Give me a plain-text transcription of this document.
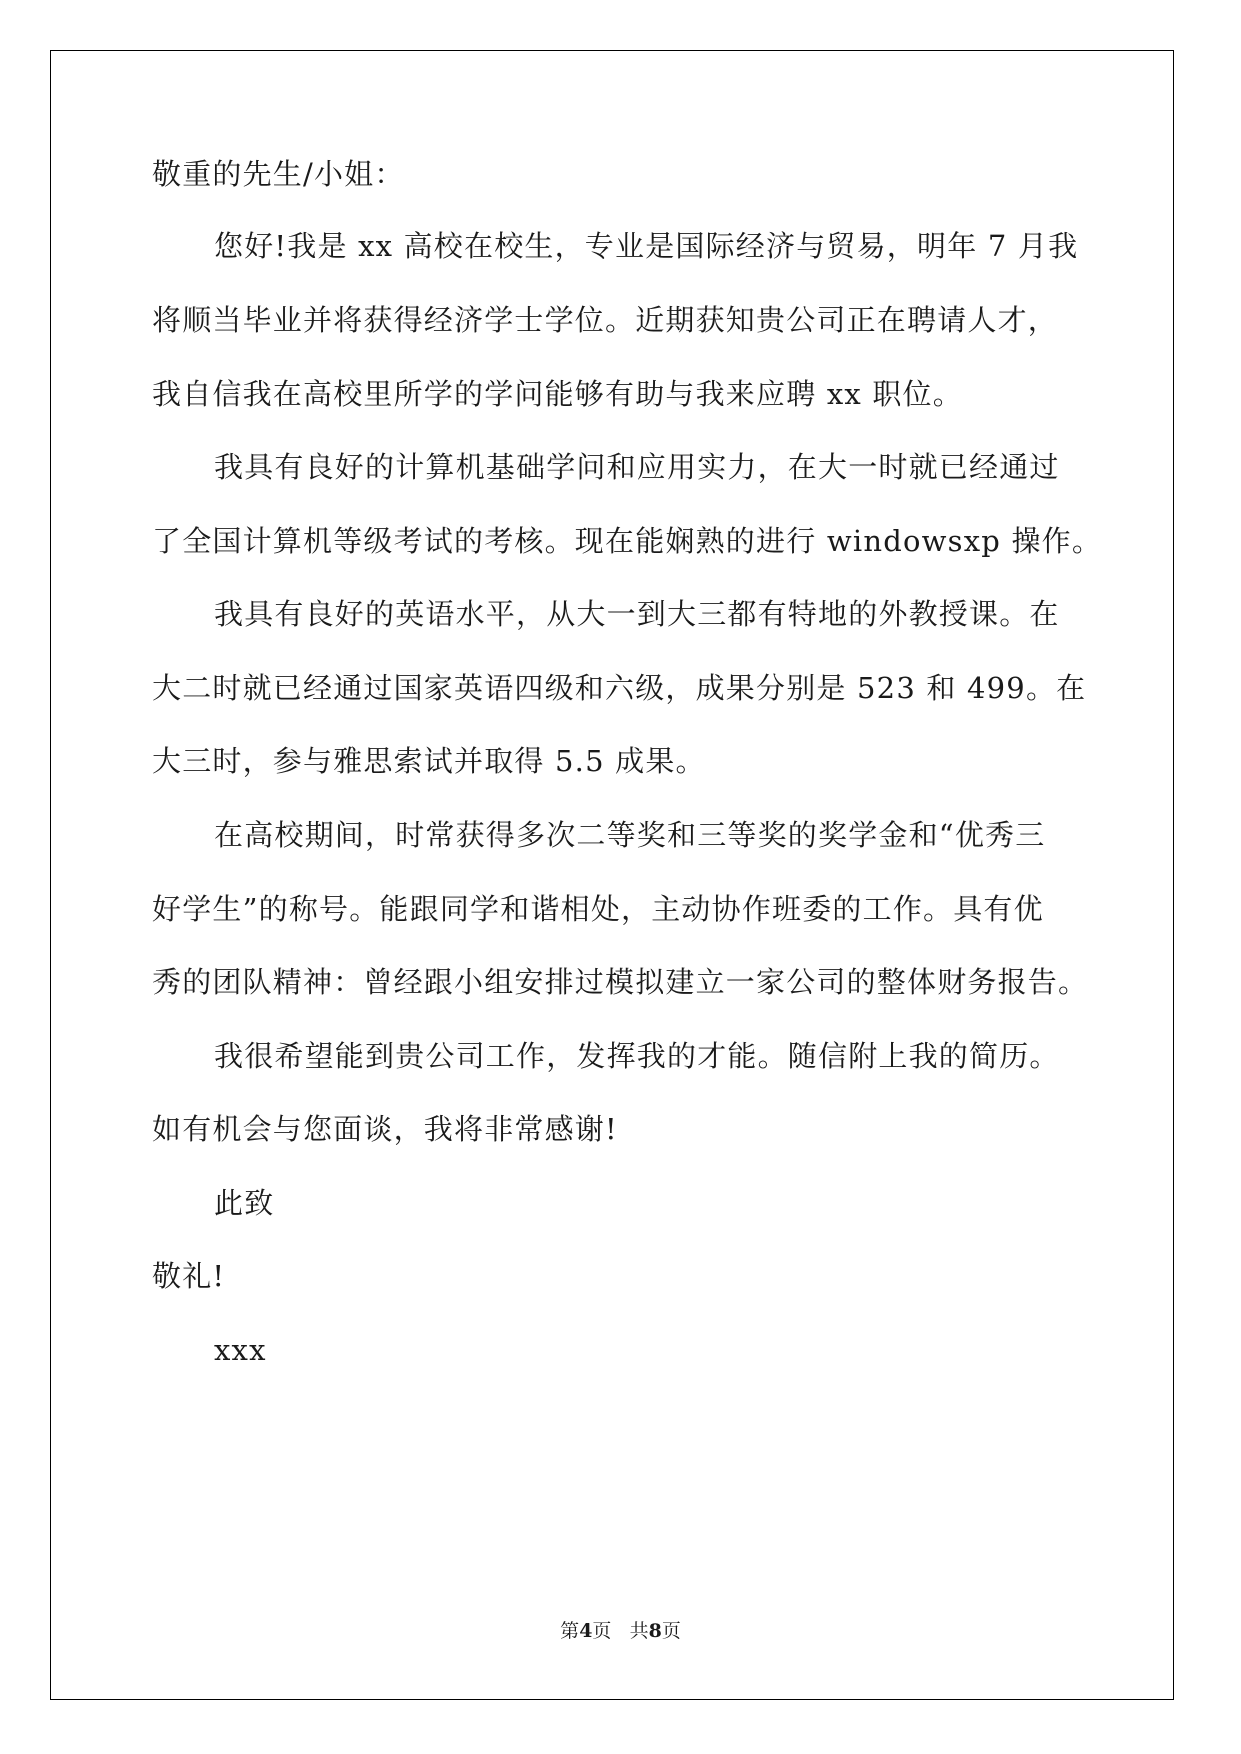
敬重的先生/小姐：
您好!我是 xx 高校在校生，专业是国际经济与贸易，明年 7 月我
将顺当毕业并将获得经济学士学位。近期获知贵公司正在聘请人才，
我自信我在高校里所学的学问能够有助与我来应聘 xx 职位。
我具有良好的计算机基础学问和应用实力，在大一时就已经通过
了全国计算机等级考试的考核。现在能娴熟的进行 windowsxp 操作。
我具有良好的英语水平，从大一到大三都有特地的外教授课。在
大二时就已经通过国家英语四级和六级，成果分别是 523 和 499。在
大三时，参与雅思索试并取得 5.5 成果。
在高校期间，时常获得多次二等奖和三等奖的奖学金和“优秀三
好学生”的称号。能跟同学和谐相处，主动协作班委的工作。具有优
秀的团队精神：曾经跟小组安排过模拟建立一家公司的整体财务报告。
我很希望能到贵公司工作，发挥我的才能。随信附上我的简历。
如有机会与您面谈，我将非常感谢!
此致
敬礼!
xxx
第4页 共8页
